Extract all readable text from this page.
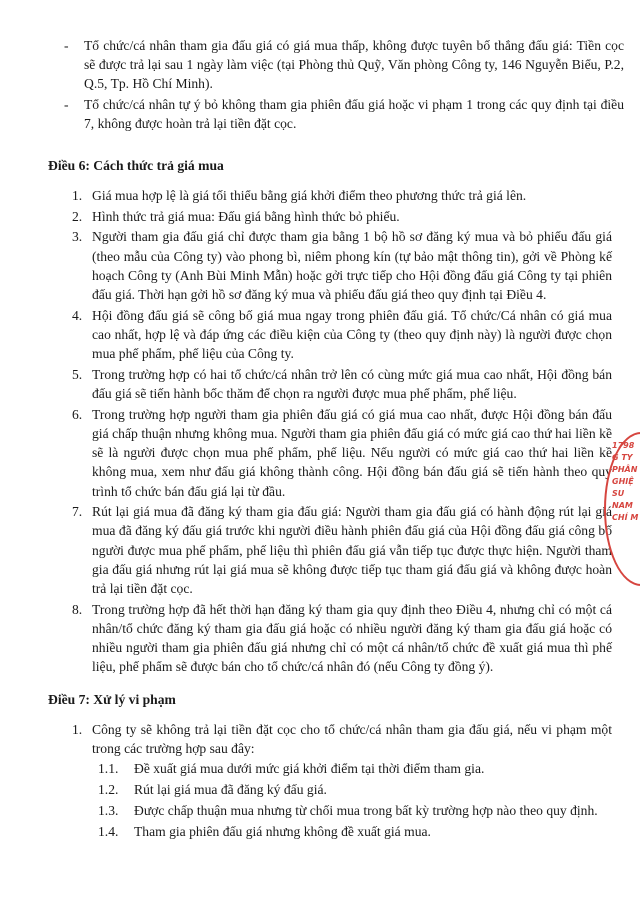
- Tổ chức/cá nhân tham gia đấu giá có giá mua thấp, không được tuyên bố thắng đấu giá: Tiền cọc sẽ được trả lại sau 1 ngày làm việc (tại Phòng thủ Quỹ, Văn phòng Công ty, 146 Nguyễn Biểu, P.2, Q.5, Tp. Hồ Chí Minh).
- Tổ chức/cá nhân tự ý bỏ không tham gia phiên đấu giá hoặc vi phạm 1 trong các quy định tại điều 7, không được hoàn trả lại tiền đặt cọc.
Điều 6: Cách thức trả giá mua
1. Giá mua hợp lệ là giá tối thiểu bằng giá khởi điểm theo phương thức trả giá lên.
2. Hình thức trả giá mua: Đấu giá bằng hình thức bỏ phiếu.
3. Người tham gia đấu giá chỉ được tham gia bằng 1 bộ hồ sơ đăng ký mua và bỏ phiếu đấu giá (theo mẫu của Công ty) vào phong bì, niêm phong kín (tự bảo mật thông tin), gởi về Phòng kế hoạch Công ty (Anh Bùi Minh Mẫn) hoặc gởi trực tiếp cho Hội đồng đấu giá Công ty tại phiên đấu giá. Thời hạn gởi hồ sơ đăng ký mua và phiếu đấu giá theo quy định tại Điều 4.
4. Hội đồng đấu giá sẽ công bố giá mua ngay trong phiên đấu giá. Tổ chức/Cá nhân có giá mua cao nhất, hợp lệ và đáp ứng các điều kiện của Công ty (theo quy định này) là người được chọn mua phế phẩm, phế liệu của Công ty.
5. Trong trường hợp có hai tổ chức/cá nhân trở lên có cùng mức giá mua cao nhất, Hội đồng bán đấu giá sẽ tiến hành bốc thăm để chọn ra người được mua phế phẩm, phế liệu.
6. Trong trường hợp người tham gia phiên đấu giá có giá mua cao nhất, được Hội đồng bán đấu giá chấp thuận nhưng không mua. Người tham gia phiên đấu giá có mức giá cao thứ hai liền kề sẽ là người được chọn mua phế phẩm, phế liệu. Nếu người có mức giá cao thứ hai liền kề không mua, xem như đấu giá không thành công. Hội đồng bán đấu giá sẽ tiến hành theo quy trình tổ chức bán đấu giá lại từ đầu.
7. Rút lại giá mua đã đăng ký tham gia đấu giá: Người tham gia đấu giá có hành động rút lại giá mua đã đăng ký đấu giá trước khi người điều hành phiên đấu giá của Hội đồng đấu giá công bố người được mua phế phẩm, phế liệu thì phiên đấu giá vẫn tiếp tục được thực hiện. Người tham gia đấu giá nhưng rút lại giá mua sẽ không được tiếp tục tham giá đấu giá và không được hoàn trả lại tiền đặt cọc.
8. Trong trường hợp đã hết thời hạn đăng ký tham gia quy định theo Điều 4, nhưng chỉ có một cá nhân/tổ chức đăng ký tham gia đấu giá hoặc có nhiều người đăng ký tham gia đấu giá hoặc có nhiều người tham gia phiên đấu giá nhưng chỉ có một cá nhân/tổ chức đề xuất giá mua thì phế liệu, phế phẩm sẽ được bán cho tổ chức/cá nhân đó (nếu Công ty đồng ý).
Điều 7: Xử lý vi phạm
1. Công ty sẽ không trả lại tiền đặt cọc cho tổ chức/cá nhân tham gia đấu giá, nếu vi phạm một trong các trường hợp sau đây:
1.1. Đề xuất giá mua dưới mức giá khởi điểm tại thời điểm tham gia.
1.2. Rút lại giá mua đã đăng ký đấu giá.
1.3. Được chấp thuận mua nhưng từ chối mua trong bất kỳ trường hợp nào theo quy định.
1.4. Tham gia phiên đấu giá nhưng không đề xuất giá mua.
1798
G TY
PHÂN
GHIỆ
SU
NAM
CHÍ M
